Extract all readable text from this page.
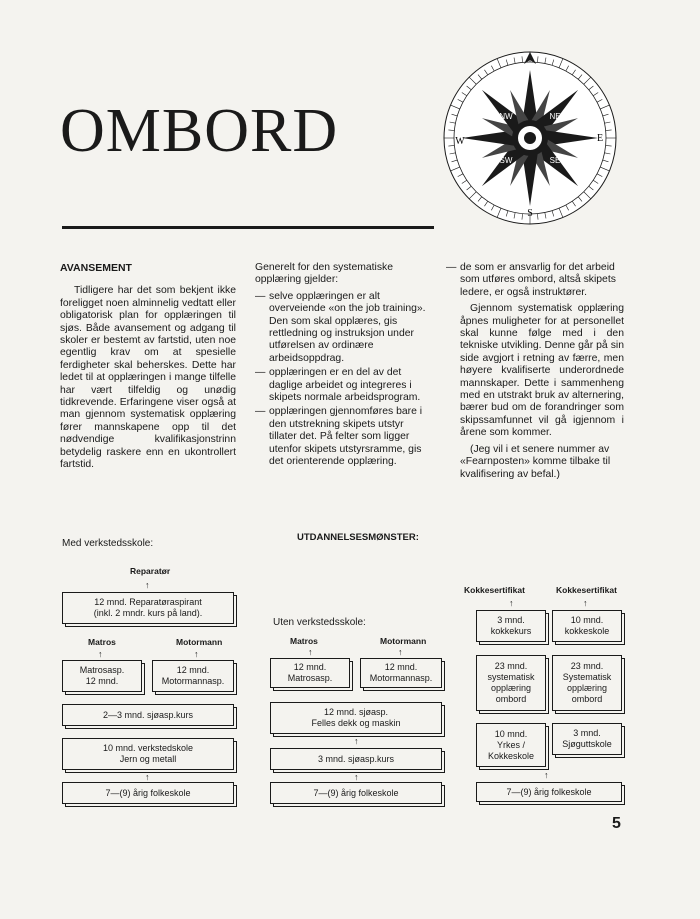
OMBORD
S
E
W
NE
SE
SW
NW
AVANSEMENT

Tidligere har det som bekjent ikke foreligget noen alminnelig vedtatt eller obligatorisk plan for opplæringen til sjøs. Både avansement og adgang til skoler er bestemt av fartstid, uten noe egentlig krav om at spesielle ferdigheter skal beherskes. Dette har ledet til at opplæringen i mange tilfelle har vært tilfeldig og unødig tidkrevende. Erfaringene viser også at man gjennom systematisk opplæring fører mannskapene opp til det nødvendige kvalifikasjonstrinn betydelig raskere enn en ukontrollert fartstid.

Generelt for den systematiske opplæring gjelder:

— selve opplæringen er alt overveiende «on the job training». Den som skal opplæres, gis rettledning og instruksjon under utførelsen av ordinære arbeidsoppdrag.
— opplæringen er en del av det daglige arbeidet og integreres i skipets normale arbeidsprogram.
— opplæringen gjennomføres bare i den utstrekning skipets utstyr tillater det. På felter som ligger utenfor skipets utstyrsramme, gis det orienterende opplæring.
— de som er ansvarlig for det arbeid som utføres ombord, altså skipets ledere, er også instruktører.

Gjennom systematisk opplæring åpnes muligheter for at personellet skal kunne følge med i den tekniske utvikling. Denne går på sin side avgjort i retning av færre, men høyere kvalifiserte underordnede mannskaper. Dette i sammenheng med en utstrakt bruk av alternering, bærer bud om de forandringer som skipssamfunnet vil gå igjennom i årene som kommer.

(Jeg vil i et senere nummer av «Fearnposten» komme tilbake til kvalifisering av befal.)

Med verkstedsskole:
UTDANNELSESMØNSTER:
Reparatør
↑
12 mnd. Reparatøraspirant
(inkl. 2 mndr. kurs på land).
Matros	Motormann
↑	↑
Matrosasp.
12 mnd.
12 mnd.
Motormannasp.
2—3 mnd. sjøasp.kurs
10 mnd. verkstedskole
Jern og metall
↑
7—(9) årig folkeskole
Uten verkstedsskole:
Matros	Motormann
↑	↑
12 mnd.
Matrosasp.
12 mnd.
Motormannasp.
12 mnd. sjøasp.
Felles dekk og maskin
↑
3 mnd. sjøasp.kurs
↑
7—(9) årig folkeskole
Kokkesertifikat	Kokkesertifikat
↑	↑
3 mnd.
kokkekurs
10 mnd.
kokkeskole
23 mnd.
systematisk
opplæring
ombord
23 mnd.
Systematisk
opplæring
ombord
10 mnd.
Yrkes /
Kokkeskole
3 mnd.
Sjøguttskole
↑
7—(9) årig folkeskole
5
